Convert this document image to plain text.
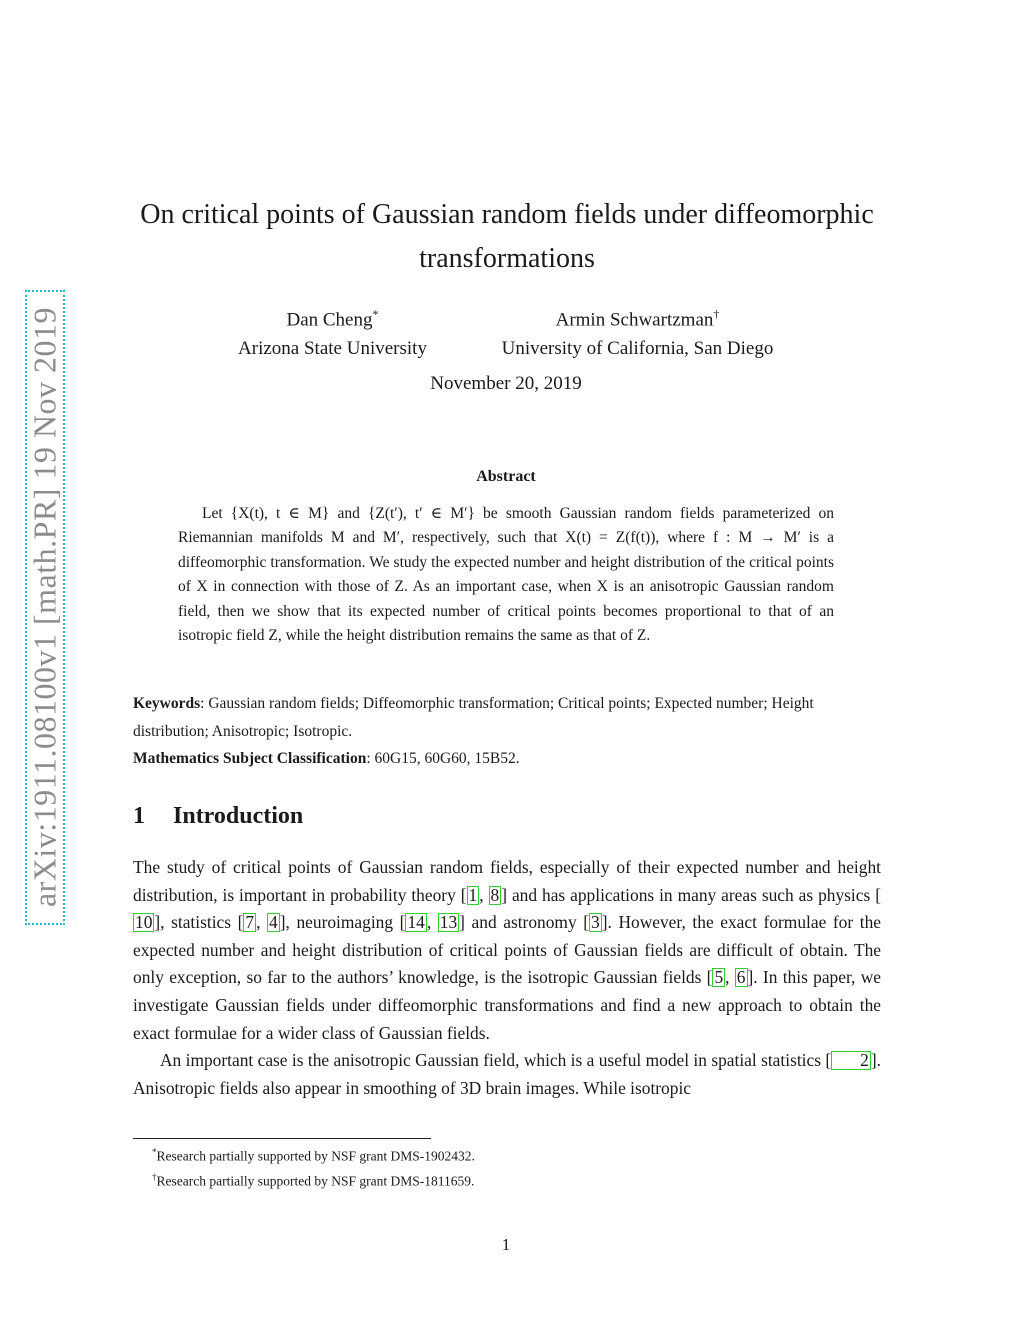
arXiv:1911.08100v1 [math.PR] 19 Nov 2019
On critical points of Gaussian random fields under diffeomorphic transformations
Dan Cheng*
Arizona State University
Armin Schwartzman†
University of California, San Diego
November 20, 2019
Abstract

Let {X(t), t ∈ M} and {Z(t′), t′ ∈ M′} be smooth Gaussian random fields parameterized on Riemannian manifolds M and M′, respectively, such that X(t) = Z(f(t)), where f : M → M′ is a diffeomorphic transformation. We study the expected number and height distribution of the critical points of X in connection with those of Z. As an important case, when X is an anisotropic Gaussian random field, then we show that its expected number of critical points becomes proportional to that of an isotropic field Z, while the height distribution remains the same as that of Z.

Keywords: Gaussian random fields; Diffeomorphic transformation; Critical points; Expected number; Height distribution; Anisotropic; Isotropic.
Mathematics Subject Classification: 60G15, 60G60, 15B52.
1 Introduction

The study of critical points of Gaussian random fields, especially of their expected number and height distribution, is important in probability theory [ 1 , 8 ] and has applications in many areas such as physics [10 ], statistics [ 7 , 4 ], neuroimaging [ 14 , 13 ] and astronomy [ 3 ]. However, the exact formulae for the expected number and height distribution of critical points of Gaussian fields are difficult of obtain. The only exception, so far to the authors’ knowledge, is the isotropic Gaussian fields [ 5 , 6 ]. In this paper, we investigate Gaussian fields under diffeomorphic transformations and find a new approach to obtain the exact formulae for a wider class of Gaussian fields.

An important case is the anisotropic Gaussian field, which is a useful model in spatial statistics [ 2 ]. Anisotropic fields also appear in smoothing of 3D brain images. While isotropic

*Research partially supported by NSF grant DMS-1902432.
†Research partially supported by NSF grant DMS-1811659.
1
